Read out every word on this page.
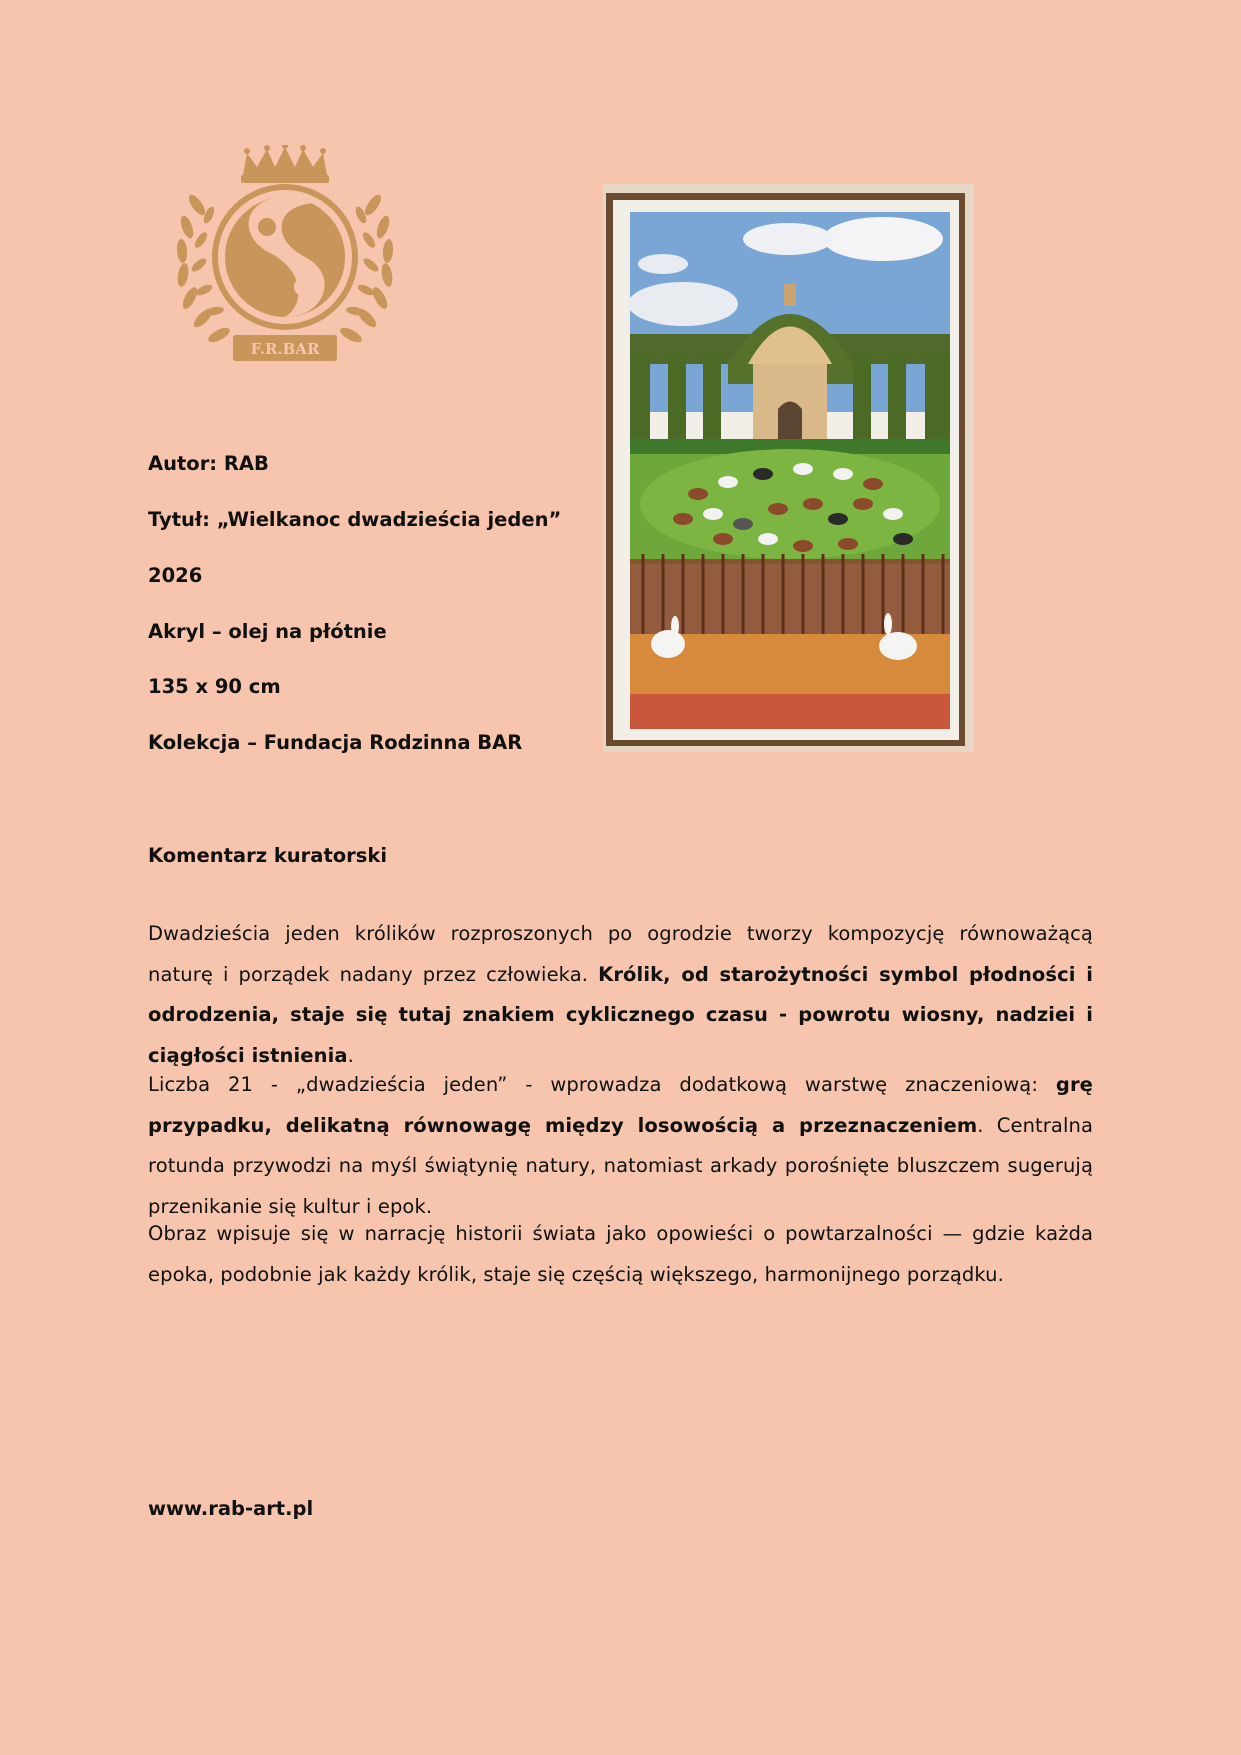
F.R.BAR
Autor: RAB
Tytuł: „Wielkanoc dwadzieścia jeden”
2026
Akryl – olej na płótnie
135 x 90 cm
Kolekcja – Fundacja Rodzinna BAR
Komentarz kuratorski
Dwadzieścia jeden królików rozproszonych po ogrodzie tworzy kompozycję równoważącą naturę i porządek nadany przez człowieka. Królik, od starożytności symbol płodności i odrodzenia, staje się tutaj znakiem cyklicznego czasu - powrotu wiosny, nadziei i ciągłości istnienia.
Liczba 21 - „dwadzieścia jeden” - wprowadza dodatkową warstwę znaczeniową: grę przypadku, delikatną równowagę między losowością a przeznaczeniem. Centralna rotunda przywodzi na myśl świątynię natury, natomiast arkady porośnięte bluszczem sugerują przenikanie się kultur i epok.
Obraz wpisuje się w narrację historii świata jako opowieści o powtarzalności — gdzie każda epoka, podobnie jak każdy królik, staje się częścią większego, harmonijnego porządku.
www.rab-art.pl
